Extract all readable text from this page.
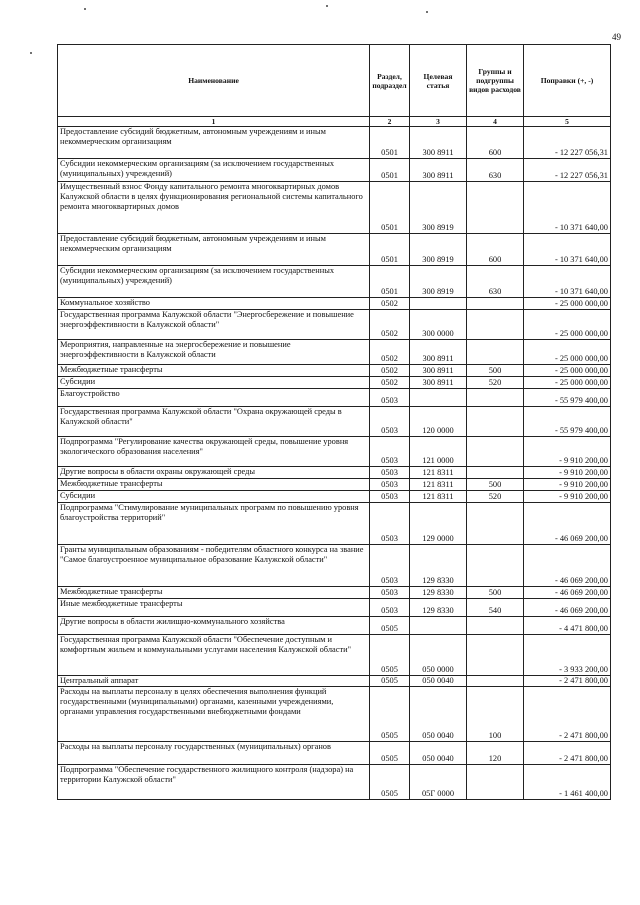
49
Наименование	Раздел, подраздел	Целевая статья	Группы и подгруппы видов расходов	Поправки (+, -)
1	2	3	4	5
Предоставление субсидий бюджетным, автономным учреждениям и иным некоммерческим организациям	0501	300 8911	600	- 12 227 056,31
Субсидии некоммерческим организациям (за исключением государственных (муниципальных) учреждений)	0501	300 8911	630	- 12 227 056,31
Имущественный взнос Фонду капитального ремонта многоквартирных домов Калужской области в целях функционирования региональной системы капитального ремонта многоквартирных домов	0501	300 8919		- 10 371 640,00
Предоставление субсидий бюджетным, автономным учреждениям и иным некоммерческим организациям	0501	300 8919	600	- 10 371 640,00
Субсидии некоммерческим организациям (за исключением государственных (муниципальных) учреждений)	0501	300 8919	630	- 10 371 640,00
Коммунальное хозяйство	0502			- 25 000 000,00
Государственная программа Калужской области "Энергосбережение и повышение энергоэффективности в Калужской области"	0502	300 0000		- 25 000 000,00
Мероприятия, направленные на энергосбережение и повышение энергоэффективности в Калужской области	0502	300 8911		- 25 000 000,00
Межбюджетные трансферты	0502	300 8911	500	- 25 000 000,00
Субсидии	0502	300 8911	520	- 25 000 000,00
Благоустройство	0503			- 55 979 400,00
Государственная программа Калужской области "Охрана окружающей среды в Калужской области"	0503	120 0000		- 55 979 400,00
Подпрограмма "Регулирование качества окружающей среды, повышение уровня экологического образования населения"	0503	121 0000		- 9 910 200,00
Другие вопросы в области охраны окружающей среды	0503	121 8311		- 9 910 200,00
Межбюджетные трансферты	0503	121 8311	500	- 9 910 200,00
Субсидии	0503	121 8311	520	- 9 910 200,00
Подпрограмма "Стимулирование муниципальных программ по повышению уровня благоустройства территорий"	0503	129 0000		- 46 069 200,00
Гранты муниципальным образованиям - победителям областного конкурса на звание "Самое благоустроенное муниципальное образование Калужской области"	0503	129 8330		- 46 069 200,00
Межбюджетные трансферты	0503	129 8330	500	- 46 069 200,00
Иные межбюджетные трансферты	0503	129 8330	540	- 46 069 200,00
Другие вопросы в области жилищно-коммунального хозяйства	0505			- 4 471 800,00
Государственная программа Калужской области "Обеспечение доступным и комфортным жильем и коммунальными услугами населения Калужской области"	0505	050 0000		- 3 933 200,00
Центральный аппарат	0505	050 0040		- 2 471 800,00
Расходы на выплаты персоналу в целях обеспечения выполнения функций государственными (муниципальными) органами, казенными учреждениями, органами управления государственными внебюджетными фондами	0505	050 0040	100	- 2 471 800,00
Расходы на выплаты персоналу государственных (муниципальных) органов	0505	050 0040	120	- 2 471 800,00
Подпрограмма "Обеспечение государственного жилищного контроля (надзора) на территории Калужской области"	0505	05Г 0000		- 1 461 400,00
